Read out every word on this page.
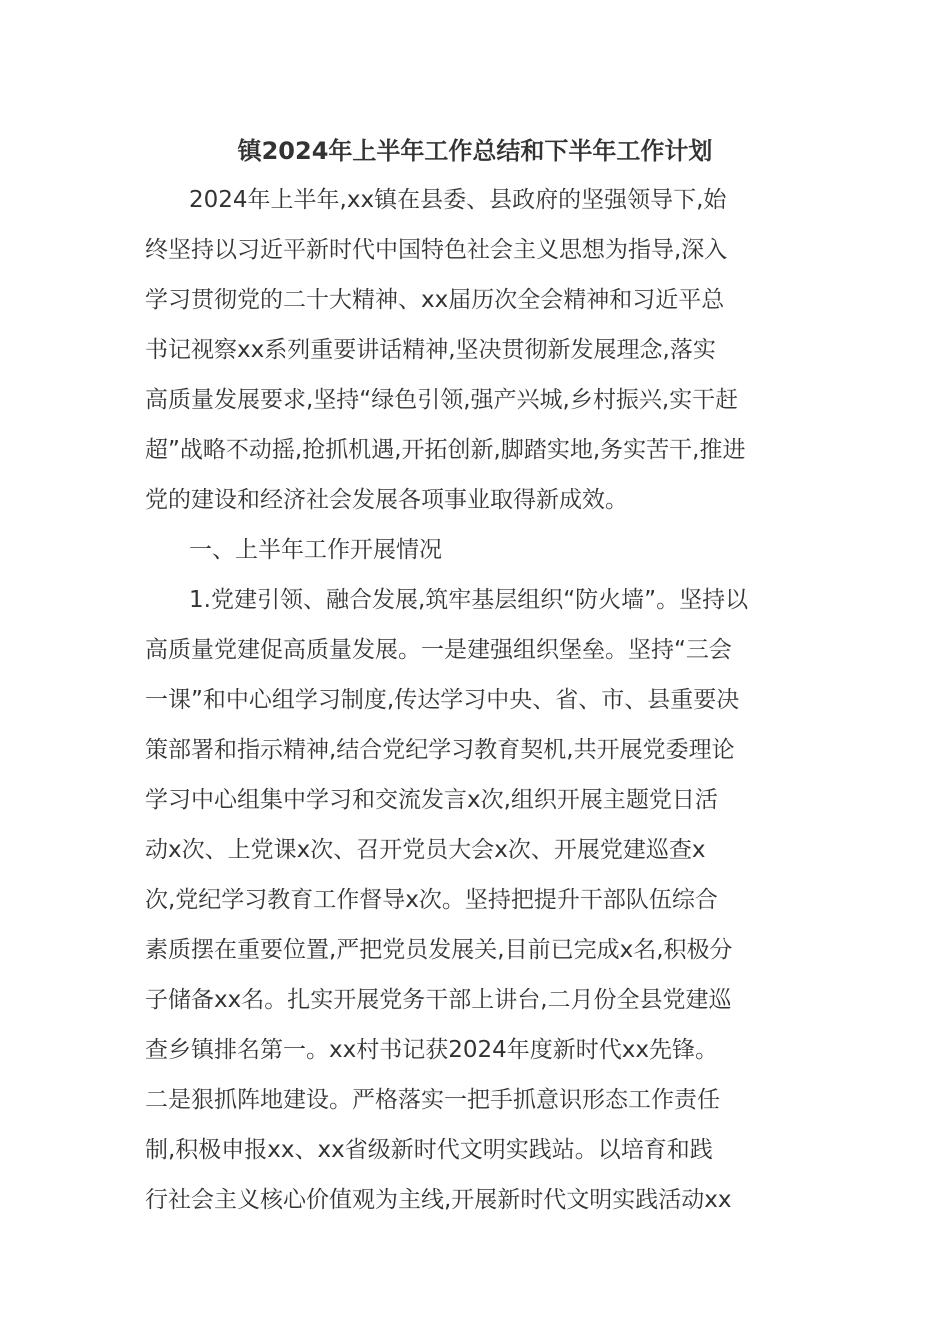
镇2024年上半年工作总结和下半年工作计划
2024年上半年,xx镇在县委、县政府的坚强领导下,始
终坚持以习近平新时代中国特色社会主义思想为指导,深入
学习贯彻党的二十大精神、xx届历次全会精神和习近平总
书记视察xx系列重要讲话精神,坚决贯彻新发展理念,落实
高质量发展要求,坚持“绿色引领,强产兴城,乡村振兴,实干赶
超”战略不动摇,抢抓机遇,开拓创新,脚踏实地,务实苦干,推进
党的建设和经济社会发展各项事业取得新成效。
一、上半年工作开展情况
1.党建引领、融合发展,筑牢基层组织“防火墙”。坚持以
高质量党建促高质量发展。一是建强组织堡垒。坚持“三会
一课”和中心组学习制度,传达学习中央、省、市、县重要决
策部署和指示精神,结合党纪学习教育契机,共开展党委理论
学习中心组集中学习和交流发言x次,组织开展主题党日活
动x次、上党课x次、召开党员大会x次、开展党建巡查x
次,党纪学习教育工作督导x次。坚持把提升干部队伍综合
素质摆在重要位置,严把党员发展关,目前已完成x名,积极分
子储备xx名。扎实开展党务干部上讲台,二月份全县党建巡
查乡镇排名第一。xx村书记获2024年度新时代xx先锋。
二是狠抓阵地建设。严格落实一把手抓意识形态工作责任
制,积极申报xx、xx省级新时代文明实践站。以培育和践
行社会主义核心价值观为主线,开展新时代文明实践活动xx
